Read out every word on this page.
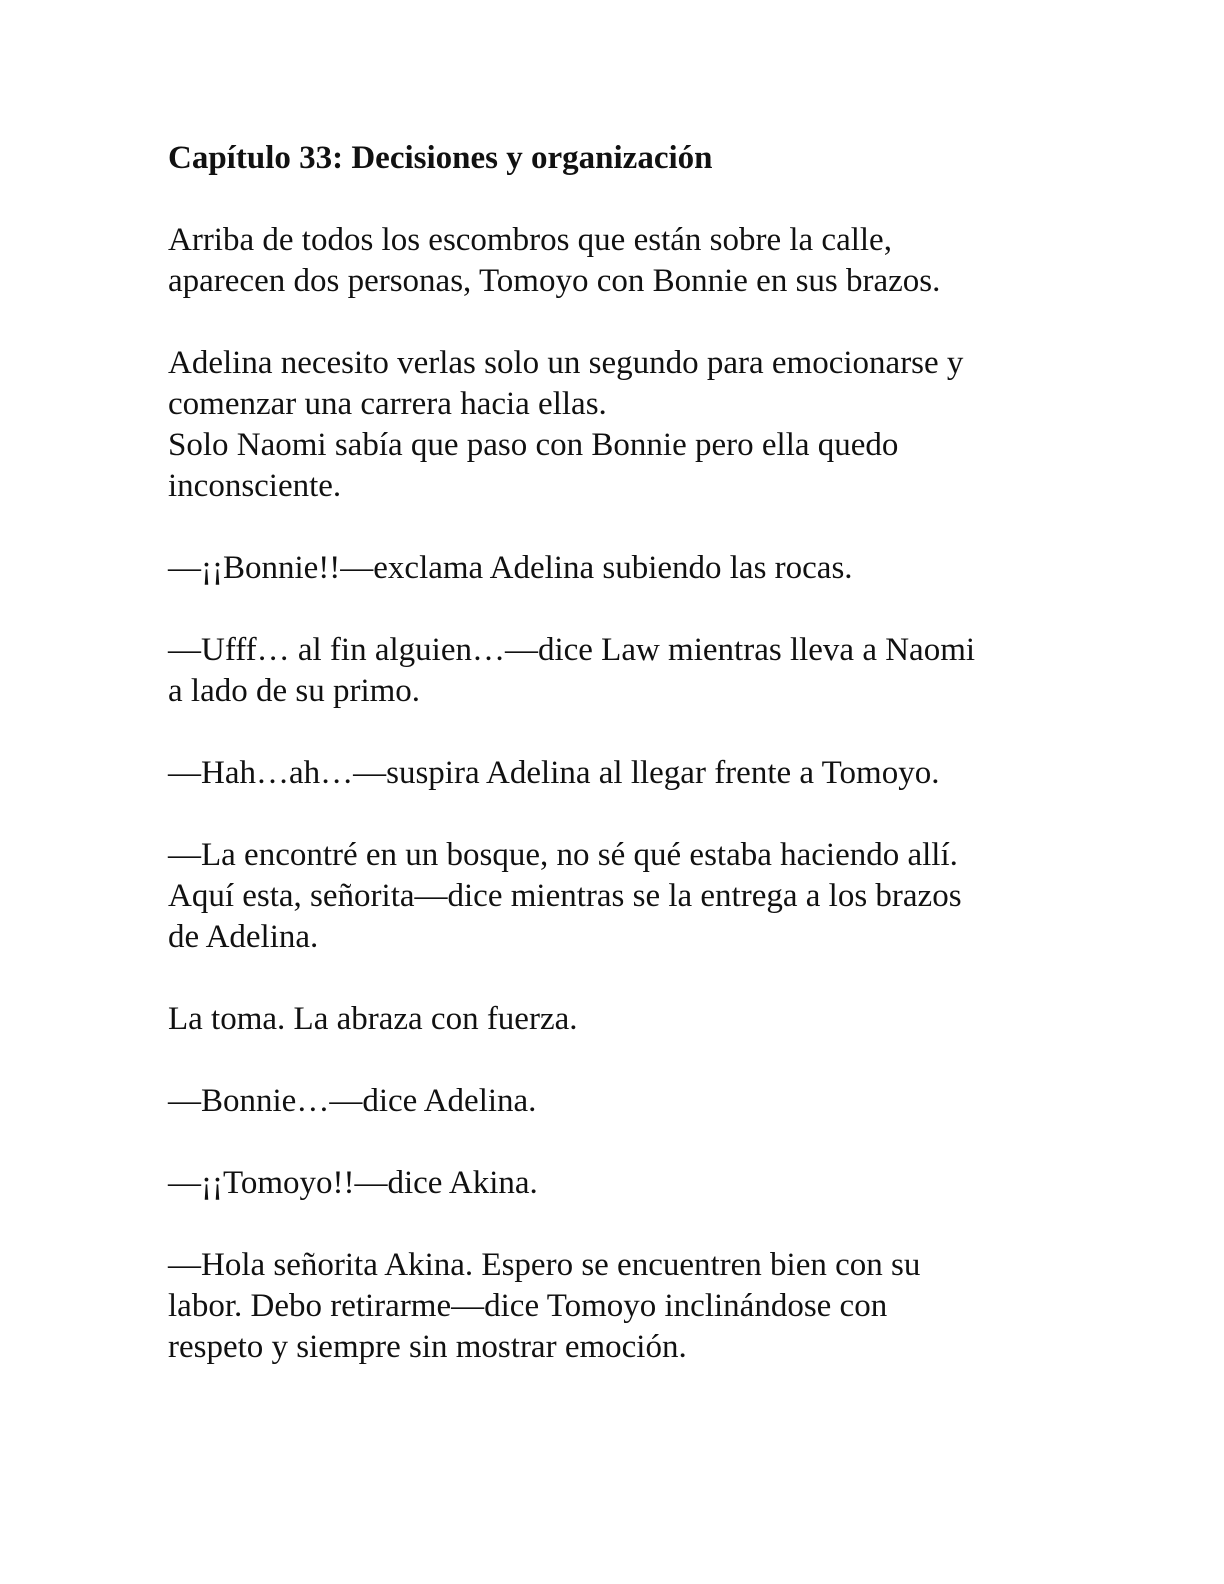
Capítulo 33: Decisiones y organización
Arriba de todos los escombros que están sobre la calle,
aparecen dos personas, Tomoyo con Bonnie en sus brazos.
Adelina necesito verlas solo un segundo para emocionarse y
comenzar una carrera hacia ellas.
Solo Naomi sabía que paso con Bonnie pero ella quedo
inconsciente.
—¡¡Bonnie!!—exclama Adelina subiendo las rocas.
—Ufff… al fin alguien…—dice Law mientras lleva a Naomi
a lado de su primo.
—Hah…ah…—suspira Adelina al llegar frente a Tomoyo.
—La encontré en un bosque, no sé qué estaba haciendo allí.
Aquí esta, señorita—dice mientras se la entrega a los brazos
de Adelina.
La toma. La abraza con fuerza.
—Bonnie…—dice Adelina.
—¡¡Tomoyo!!—dice Akina.
—Hola señorita Akina. Espero se encuentren bien con su
labor. Debo retirarme—dice Tomoyo inclinándose con
respeto y siempre sin mostrar emoción.
